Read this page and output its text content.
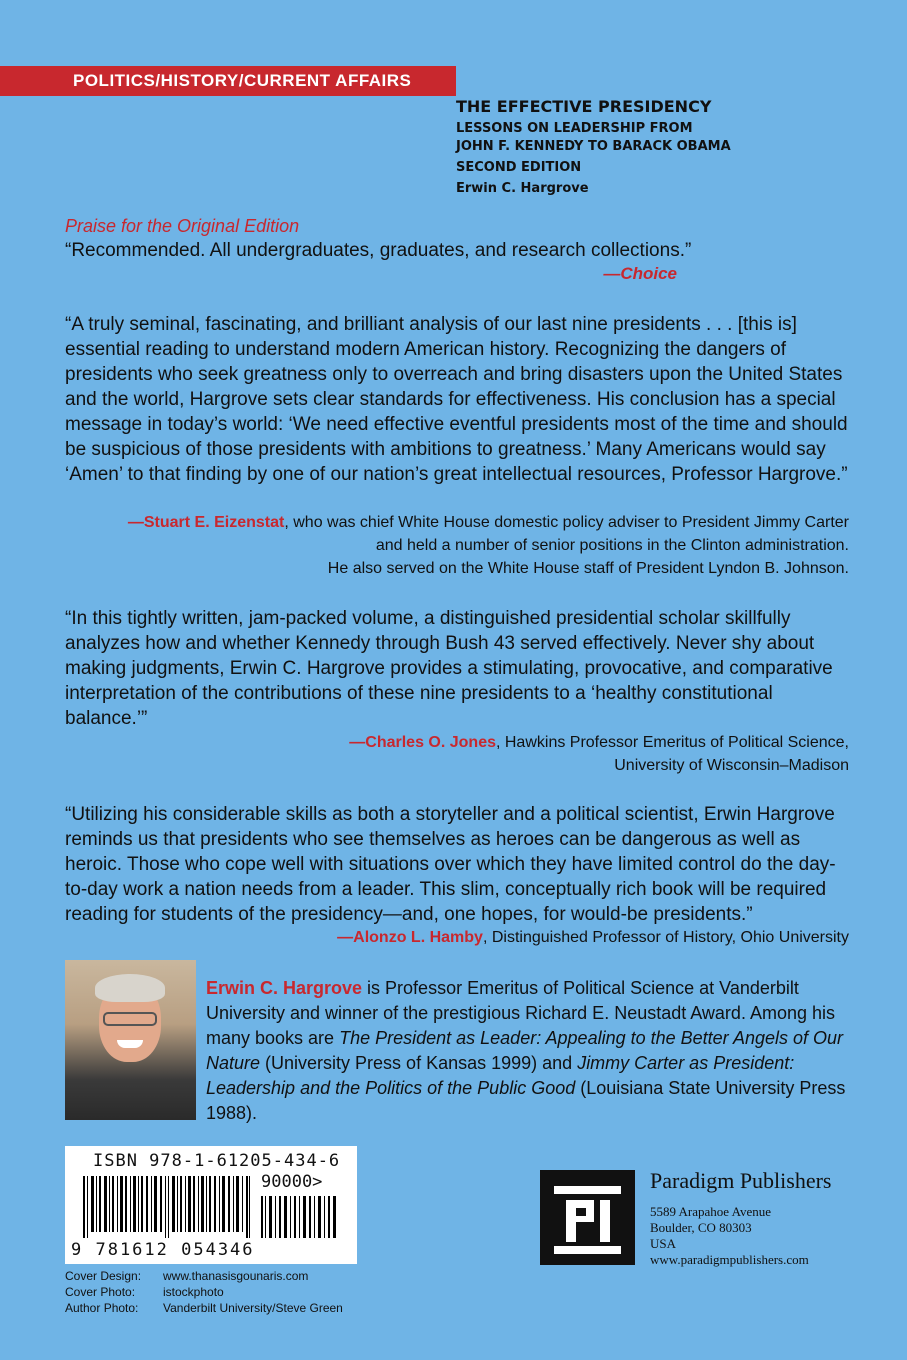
POLITICS/HISTORY/CURRENT AFFAIRS
THE EFFECTIVE PRESIDENCY
LESSONS ON LEADERSHIP FROM
JOHN F. KENNEDY TO BARACK OBAMA
SECOND EDITION
Erwin C. Hargrove
Praise for the Original Edition
“Recommended. All undergraduates, graduates, and research collections.”
—Choice
“A truly seminal, fascinating, and brilliant analysis of our last nine presidents . . . [this is] essential reading to understand modern American history. Recognizing the dangers of presidents who seek greatness only to overreach and bring disasters upon the United States and the world, Hargrove sets clear standards for effectiveness. His conclusion has a special message in today’s world: ‘We need effective eventful presidents most of the time and should be suspicious of those presidents with ambitions to greatness.’ Many Americans would say ‘Amen’ to that finding by one of our nation’s great intellectual resources, Professor Hargrove.”
—Stuart E. Eizenstat, who was chief White House domestic policy adviser to President Jimmy Carter
and held a number of senior positions in the Clinton administration.
He also served on the White House staff of President Lyndon B. Johnson.
“In this tightly written, jam-packed volume, a distinguished presidential scholar skillfully analyzes how and whether Kennedy through Bush 43 served effectively. Never shy about making judgments, Erwin C. Hargrove provides a stimulating, provocative, and comparative interpretation of the contributions of these nine presidents to a ‘healthy constitutional balance.’”
—Charles O. Jones, Hawkins Professor Emeritus of Political Science,
University of Wisconsin–Madison
“Utilizing his considerable skills as both a storyteller and a political scientist, Erwin Hargrove reminds us that presidents who see themselves as heroes can be dangerous as well as heroic. Those who cope well with situations over which they have limited control do the day-to-day work a nation needs from a leader. This slim, conceptually rich book will be required reading for students of the presidency—and, one hopes, for would-be presidents.”
—Alonzo L. Hamby, Distinguished Professor of History, Ohio University
Erwin C. Hargrove is Professor Emeritus of Political Science at Vanderbilt University and winner of the prestigious Richard E. Neustadt Award. Among his many books are The President as Leader: Appealing to the Better Angels of Our Nature (University Press of Kansas 1999) and Jimmy Carter as President: Leadership and the Politics of the Public Good (Louisiana State University Press 1988).
ISBN 978-1-61205-434-6
90000>
9 781612 054346
Paradigm Publishers
5589 Arapahoe Avenue
Boulder, CO 80303
USA
www.paradigmpublishers.com
Cover Design: www.thanasisgounaris.com
Cover Photo: istockphoto
Author Photo: Vanderbilt University/Steve Green
